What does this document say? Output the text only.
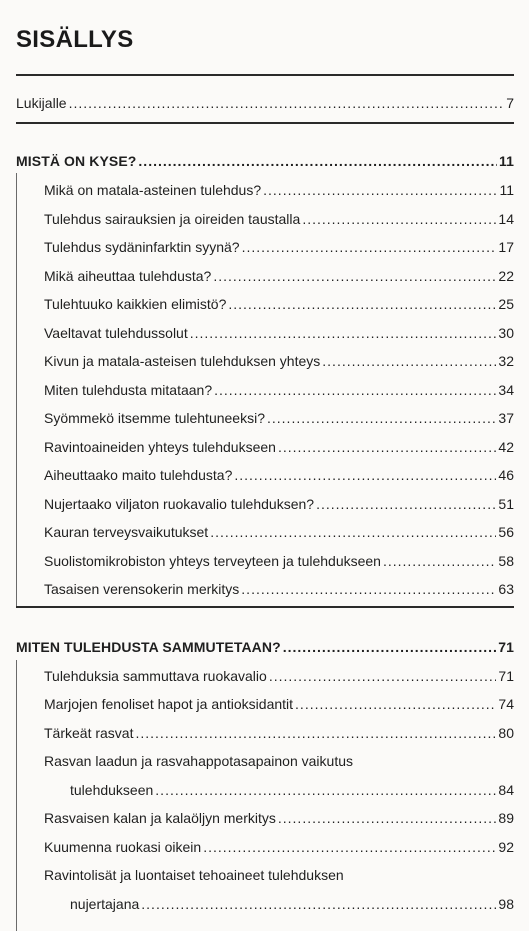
SISÄLLYS
Lukijalle .....	7
MISTÄ ON KYSE? .....	11
Mikä on matala-asteinen tulehdus? .....	11
Tulehdus sairauksien ja oireiden taustalla .....	14
Tulehdus sydäninfarktin syynä? .....	17
Mikä aiheuttaa tulehdusta? .....	22
Tulehtuuko kaikkien elimistö? .....	25
Vaeltavat tulehdussolut .....	30
Kivun ja matala-asteisen tulehduksen yhteys .....	32
Miten tulehdusta mitataan? .....	34
Syömmekö itsemme tulehtuneeksi? .....	37
Ravintoaineiden yhteys tulehdukseen .....	42
Aiheuttaako maito tulehdusta? .....	46
Nujertaako viljaton ruokavalio tulehduksen? .....	51
Kauran terveysvaikutukset .....	56
Suolistomikrobiston yhteys terveyteen ja tulehdukseen .....	58
Tasaisen verensokerin merkitys .....	63
MITEN TULEHDUSTA SAMMUTETAAN? .....	71
Tulehduksia sammuttava ruokavalio .....	71
Marjojen fenoliset hapot ja antioksidantit .....	74
Tärkeät rasvat .....	80
Rasvan laadun ja rasvahappotasapainon vaikutus
tulehdukseen .....	84
Rasvaisen kalan ja kalaöljyn merkitys .....	89
Kuumenna ruokasi oikein .....	92
Ravintolisät ja luontaiset tehoaineet tulehduksen
nujertajana .....	98
